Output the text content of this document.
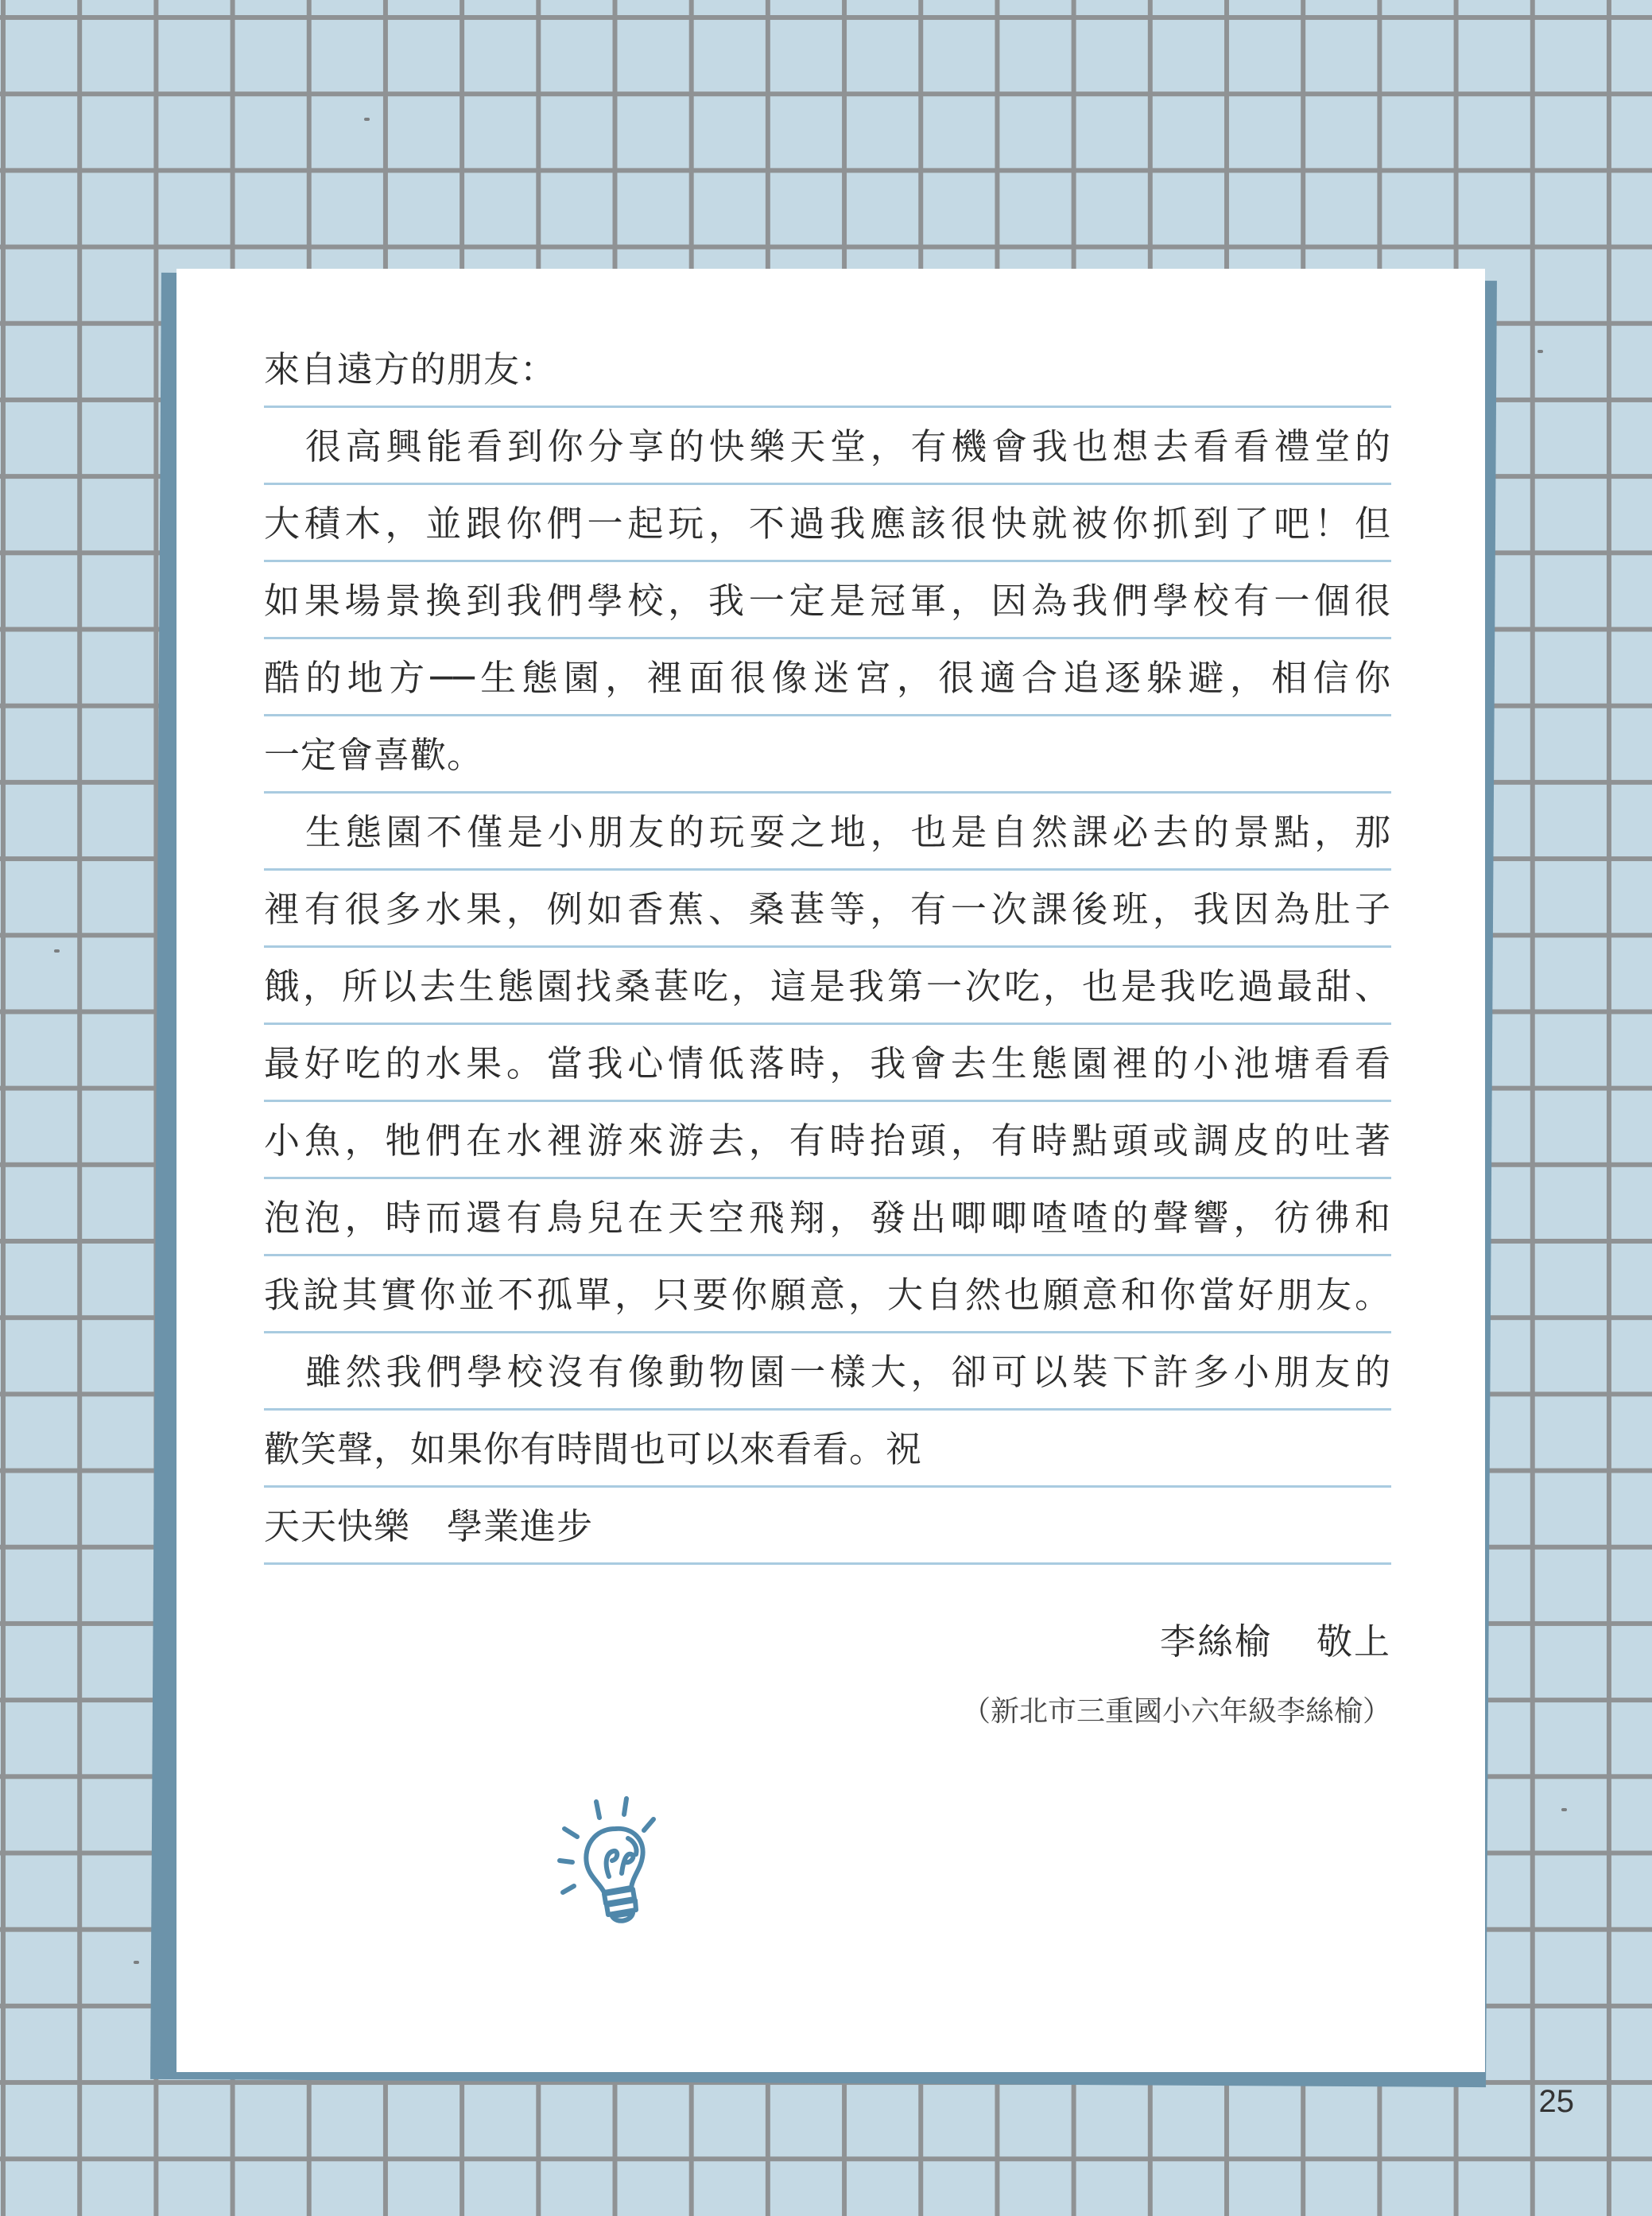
來自遠方的朋友：
很高興能看到你分享的快樂天堂，有機會我也想去看看禮堂的
大積木，並跟你們一起玩，不過我應該很快就被你抓到了吧！但
如果場景換到我們學校，我一定是冠軍，因為我們學校有一個很
酷的地方──生態園，裡面很像迷宮，很適合追逐躲避，相信你
一定會喜歡。
生態園不僅是小朋友的玩耍之地，也是自然課必去的景點，那
裡有很多水果，例如香蕉、桑葚等，有一次課後班，我因為肚子
餓，所以去生態園找桑葚吃，這是我第一次吃，也是我吃過最甜、
最好吃的水果。當我心情低落時，我會去生態園裡的小池塘看看
小魚，牠們在水裡游來游去，有時抬頭，有時點頭或調皮的吐著
泡泡，時而還有鳥兒在天空飛翔，發出唧唧喳喳的聲響，彷彿和
我說其實你並不孤單，只要你願意，大自然也願意和你當好朋友。
雖然我們學校沒有像動物園一樣大，卻可以裝下許多小朋友的
歡笑聲，如果你有時間也可以來看看。祝
天天快樂　學業進步
李絲榆 敬上
（新北市三重國小六年級李絲榆）
25
